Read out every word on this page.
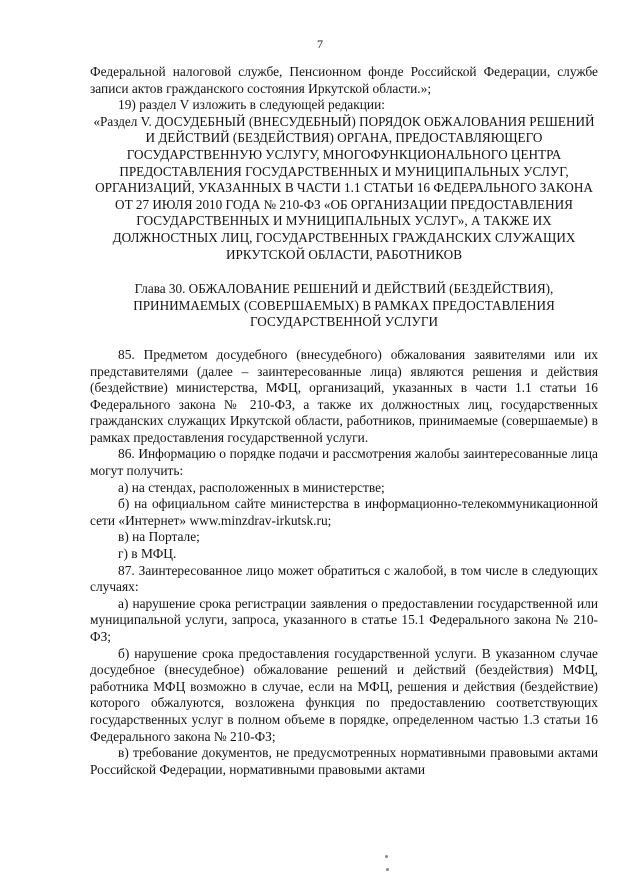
7

Федеральной налоговой службе, Пенсионном фонде Российской Федерации, службе записи актов гражданского состояния Иркутской области.»;

19) раздел V изложить в следующей редакции:

«Раздел V. ДОСУДЕБНЫЙ (ВНЕСУДЕБНЫЙ) ПОРЯДОК ОБЖАЛОВАНИЯ РЕШЕНИЙ И ДЕЙСТВИЙ (БЕЗДЕЙСТВИЯ) ОРГАНА, ПРЕДОСТАВЛЯЮЩЕГО ГОСУДАРСТВЕННУЮ УСЛУГУ, МНОГОФУНКЦИОНАЛЬНОГО ЦЕНТРА ПРЕДОСТАВЛЕНИЯ ГОСУДАРСТВЕННЫХ И МУНИЦИПАЛЬНЫХ УСЛУГ, ОРГАНИЗАЦИЙ, УКАЗАННЫХ В ЧАСТИ 1.1 СТАТЬИ 16 ФЕДЕРАЛЬНОГО ЗАКОНА ОТ 27 ИЮЛЯ 2010 ГОДА № 210-ФЗ «ОБ ОРГАНИЗАЦИИ ПРЕДОСТАВЛЕНИЯ ГОСУДАРСТВЕННЫХ И МУНИЦИПАЛЬНЫХ УСЛУГ», А ТАКЖЕ ИХ ДОЛЖНОСТНЫХ ЛИЦ, ГОСУДАРСТВЕННЫХ ГРАЖДАНСКИХ СЛУЖАЩИХ ИРКУТСКОЙ ОБЛАСТИ, РАБОТНИКОВ

Глава 30. ОБЖАЛОВАНИЕ РЕШЕНИЙ И ДЕЙСТВИЙ (БЕЗДЕЙСТВИЯ), ПРИНИМАЕМЫХ (СОВЕРШАЕМЫХ) В РАМКАХ ПРЕДОСТАВЛЕНИЯ ГОСУДАРСТВЕННОЙ УСЛУГИ

85. Предметом досудебного (внесудебного) обжалования заявителями или их представителями (далее – заинтересованные лица) являются решения и действия (бездействие) министерства, МФЦ, организаций, указанных в части 1.1 статьи 16 Федерального закона № 210-ФЗ, а также их должностных лиц, государственных гражданских служащих Иркутской области, работников, принимаемые (совершаемые) в рамках предоставления государственной услуги.

86. Информацию о порядке подачи и рассмотрения жалобы заинтересованные лица могут получить:

а) на стендах, расположенных в министерстве;

б) на официальном сайте министерства в информационно-телекоммуникационной сети «Интернет» www.minzdrav-irkutsk.ru;

в) на Портале;

г) в МФЦ.

87. Заинтересованное лицо может обратиться с жалобой, в том числе в следующих случаях:

а) нарушение срока регистрации заявления о предоставлении государственной или муниципальной услуги, запроса, указанного в статье 15.1 Федерального закона № 210-ФЗ;

б) нарушение срока предоставления государственной услуги. В указанном случае досудебное (внесудебное) обжалование решений и действий (бездействия) МФЦ, работника МФЦ возможно в случае, если на МФЦ, решения и действия (бездействие) которого обжалуются, возложена функция по предоставлению соответствующих государственных услуг в полном объеме в порядке, определенном частью 1.3 статьи 16 Федерального закона № 210-ФЗ;

в) требование документов, не предусмотренных нормативными правовыми актами Российской Федерации, нормативными правовыми актами
